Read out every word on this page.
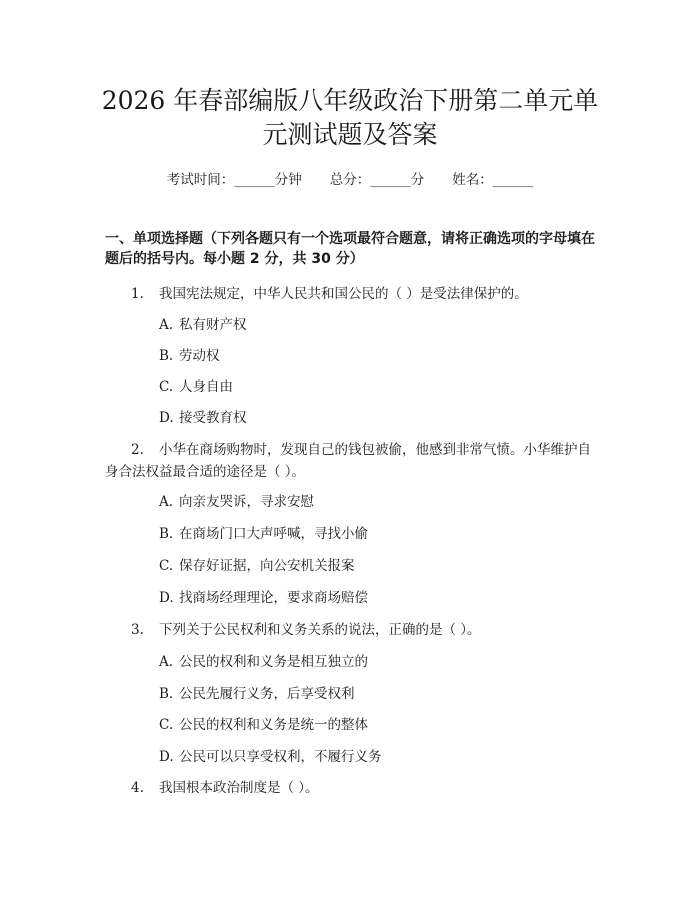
2026 年春部编版八年级政治下册第二单元单
元测试题及答案
考试时间：______分钟 总分：______分 姓名：______
一、单项选择题（下列各题只有一个选项最符合题意，请将正确选项的字母填在题后的括号内。每小题 2 分，共 30 分）
1. 我国宪法规定，中华人民共和国公民的（ ）是受法律保护的。
A. 私有财产权
B. 劳动权
C. 人身自由
D. 接受教育权
2. 小华在商场购物时，发现自己的钱包被偷，他感到非常气愤。小华维护自
身合法权益最合适的途径是（ ）。
A. 向亲友哭诉，寻求安慰
B. 在商场门口大声呼喊，寻找小偷
C. 保存好证据，向公安机关报案
D. 找商场经理理论，要求商场赔偿
3. 下列关于公民权利和义务关系的说法，正确的是（ ）。
A. 公民的权利和义务是相互独立的
B. 公民先履行义务，后享受权利
C. 公民的权利和义务是统一的整体
D. 公民可以只享受权利，不履行义务
4. 我国根本政治制度是（ ）。
